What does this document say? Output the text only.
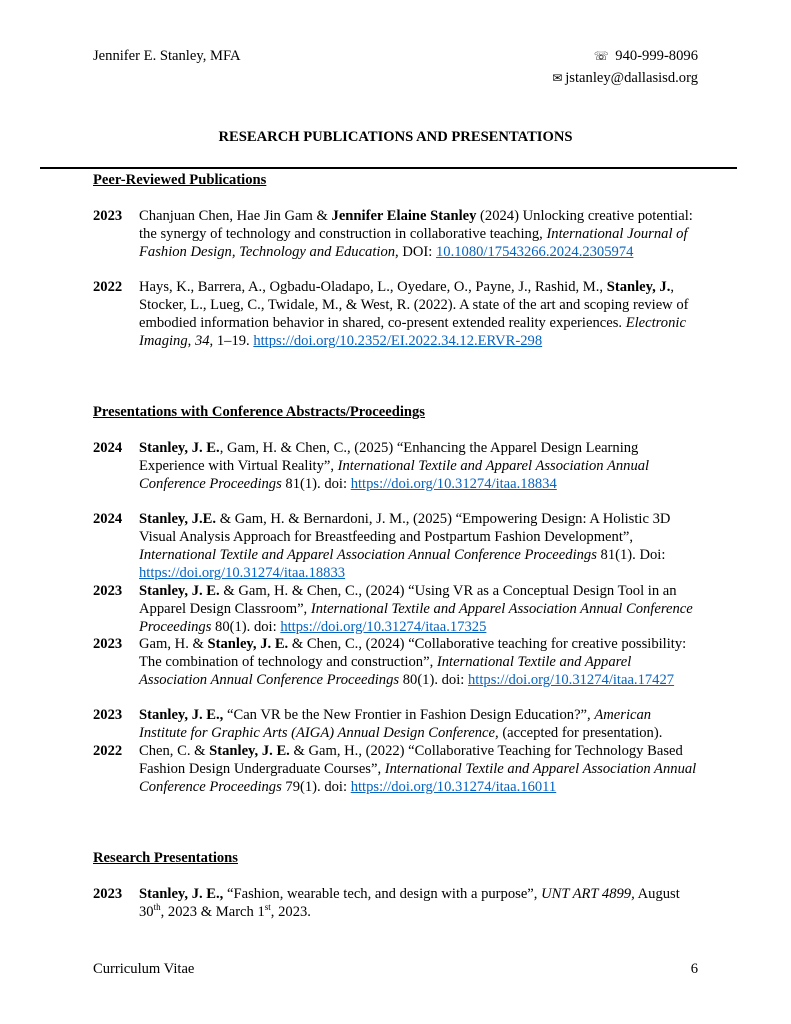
Jennifer E. Stanley, MFA	☏ 940-999-8096
✉ jstanley@dallasisd.org
RESEARCH PUBLICATIONS AND PRESENTATIONS
Peer-Reviewed Publications
2023 Chanjuan Chen, Hae Jin Gam & Jennifer Elaine Stanley (2024) Unlocking creative potential: the synergy of technology and construction in collaborative teaching, International Journal of Fashion Design, Technology and Education, DOI: 10.1080/17543266.2024.2305974
2022 Hays, K., Barrera, A., Ogbadu-Oladapo, L., Oyedare, O., Payne, J., Rashid, M., Stanley, J., Stocker, L., Lueg, C., Twidale, M., & West, R. (2022). A state of the art and scoping review of embodied information behavior in shared, co-present extended reality experiences. Electronic Imaging, 34, 1–19. https://doi.org/10.2352/EI.2022.34.12.ERVR-298
Presentations with Conference Abstracts/Proceedings
2024 Stanley, J. E., Gam, H. & Chen, C., (2025) “Enhancing the Apparel Design Learning Experience with Virtual Reality”, International Textile and Apparel Association Annual Conference Proceedings 81(1). doi: https://doi.org/10.31274/itaa.18834
2024 Stanley, J.E. & Gam, H. & Bernardoni, J. M., (2025) “Empowering Design: A Holistic 3D Visual Analysis Approach for Breastfeeding and Postpartum Fashion Development”, International Textile and Apparel Association Annual Conference Proceedings 81(1). Doi: https://doi.org/10.31274/itaa.18833
2023 Stanley, J. E. & Gam, H. & Chen, C., (2024) “Using VR as a Conceptual Design Tool in an Apparel Design Classroom”, International Textile and Apparel Association Annual Conference Proceedings 80(1). doi: https://doi.org/10.31274/itaa.17325
2023 Gam, H. & Stanley, J. E. & Chen, C., (2024) “Collaborative teaching for creative possibility: The combination of technology and construction”, International Textile and Apparel Association Annual Conference Proceedings 80(1). doi: https://doi.org/10.31274/itaa.17427
2023 Stanley, J. E., “Can VR be the New Frontier in Fashion Design Education?”, American Institute for Graphic Arts (AIGA) Annual Design Conference, (accepted for presentation).
2022 Chen, C. & Stanley, J. E. & Gam, H., (2022) “Collaborative Teaching for Technology Based Fashion Design Undergraduate Courses”, International Textile and Apparel Association Annual Conference Proceedings 79(1). doi: https://doi.org/10.31274/itaa.16011
Research Presentations
2023 Stanley, J. E., “Fashion, wearable tech, and design with a purpose”, UNT ART 4899, August 30th, 2023 & March 1st, 2023.
Curriculum Vitae	6
